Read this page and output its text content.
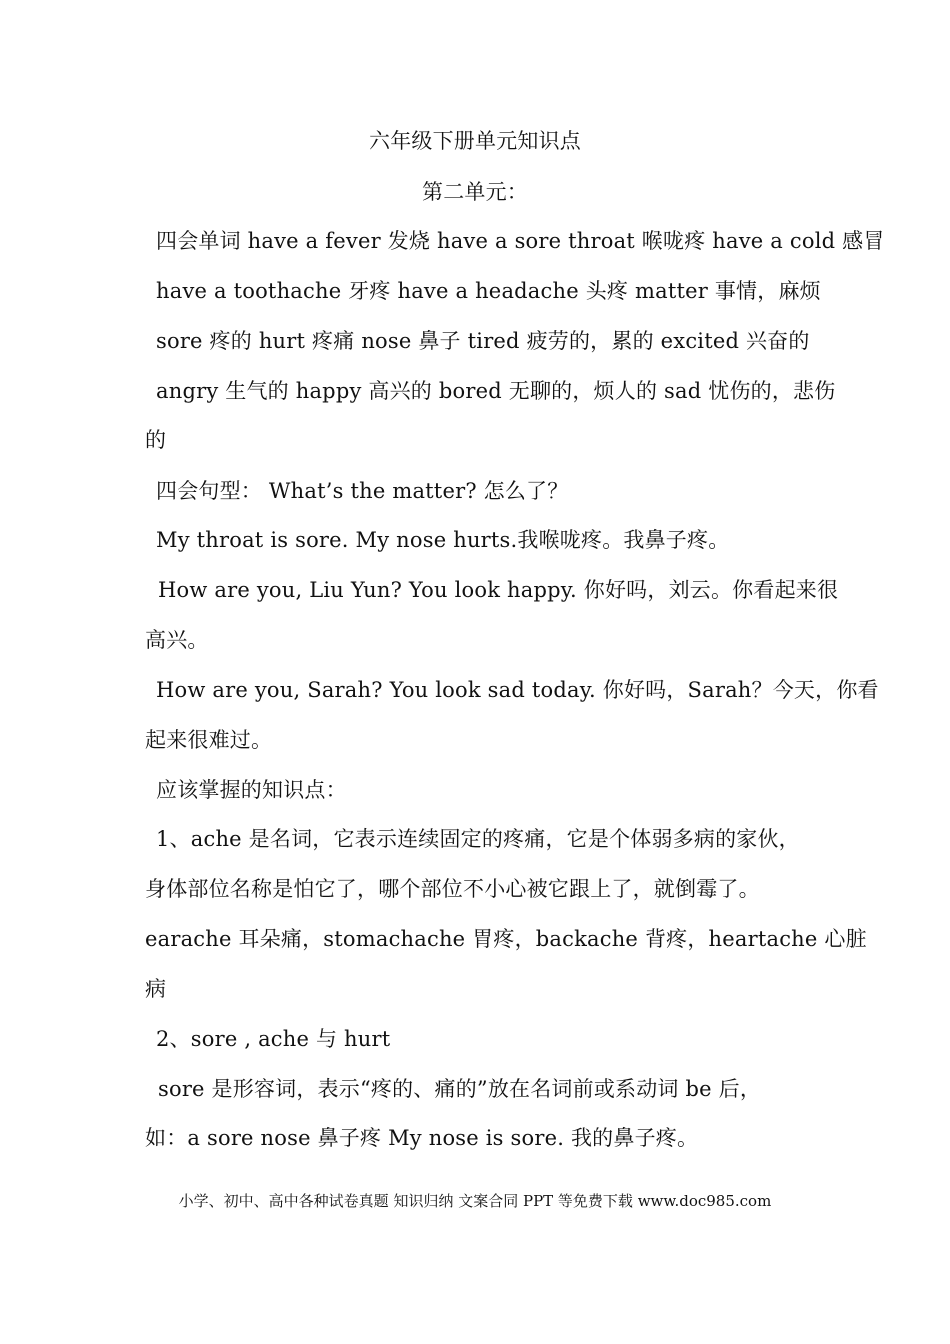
六年级下册单元知识点
第二单元：
四会单词 have a fever 发烧 have a sore throat 喉咙疼 have a cold 感冒
have a toothache 牙疼 have a headache 头疼 matter 事情，麻烦
sore 疼的 hurt 疼痛 nose 鼻子 tired 疲劳的，累的 excited 兴奋的
angry 生气的 happy 高兴的 bored 无聊的，烦人的 sad 忧伤的，悲伤
的
四会句型： What’s the matter? 怎么了？
My throat is sore. My nose hurts.我喉咙疼。我鼻子疼。
How are you, Liu Yun? You look happy. 你好吗，刘云。你看起来很
高兴。
How are you, Sarah? You look sad today. 你好吗，Sarah？今天，你看
起来很难过。
应该掌握的知识点：
1、ache 是名词，它表示连续固定的疼痛，它是个体弱多病的家伙，
身体部位名称是怕它了，哪个部位不小心被它跟上了，就倒霉了。
earache 耳朵痛，stomachache 胃疼，backache 背疼，heartache 心脏
病
2、sore , ache 与 hurt
sore 是形容词，表示“疼的、痛的”放在名词前或系动词 be 后，
如：a sore nose 鼻子疼 My nose is sore. 我的鼻子疼。
小学、初中、高中各种试卷真题 知识归纳 文案合同 PPT 等免费下载 www.doc985.com
